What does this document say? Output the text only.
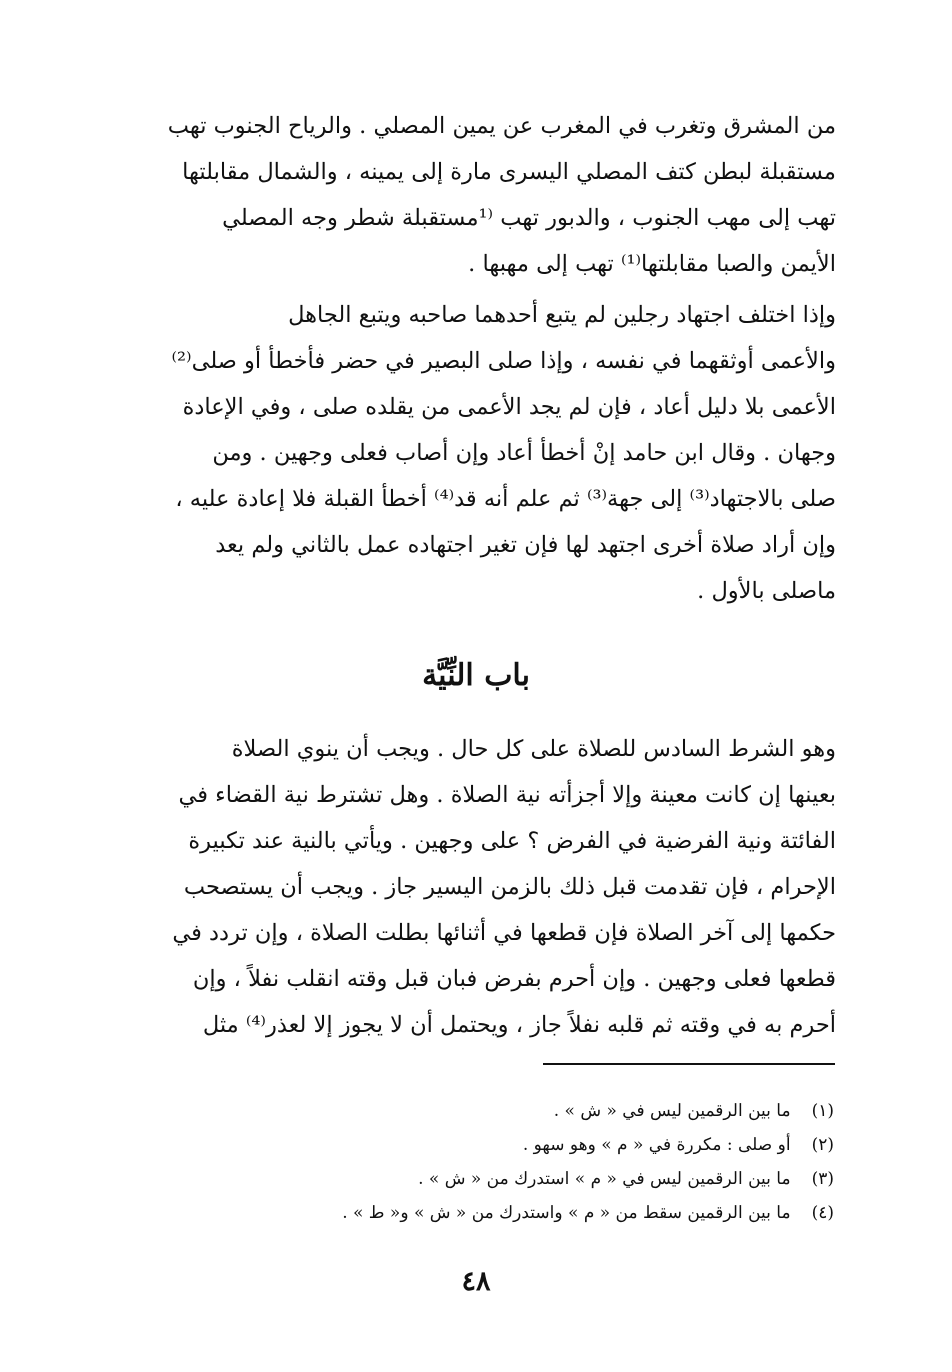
من المشرق وتغرب في المغرب عن يمين المصلي . والرياح الجنوب تهب
مستقبلة لبطن كتف المصلي اليسرى مارة إلى يمينه ، والشمال مقابلتها
تهب إلى مهب الجنوب ، والدبور تهب ⁽¹مستقبلة شطر وجه المصلي
الأيمن والصبا مقابلتها⁽¹⁾ تهب إلى مهبها .
وإذا اختلف اجتهاد رجلين لم يتبع أحدهما صاحبه ويتبع الجاهل
والأعمى أوثقهما في نفسه ، وإذا صلى البصير في حضر فأخطأ أو صلى⁽²⁾
الأعمى بلا دليل أعاد ، فإن لم يجد الأعمى من يقلده صلى ، وفي الإعادة
وجهان . وقال ابن حامد إنْ أخطأ أعاد وإن أصاب فعلى وجهين . ومن
صلى بالاجتهاد⁽³⁾ إلى جهة⁽³⁾ ثم علم أنه قد⁽⁴⁾ أخطأ القبلة فلا إعادة عليه ،
وإن أراد صلاة أخرى اجتهد لها فإن تغير اجتهاده عمل بالثاني ولم يعد
ماصلى بالأول .
باب النِّيَّة
وهو الشرط السادس للصلاة على كل حال . ويجب أن ينوي الصلاة
بعينها إن كانت معينة وإلا أجزأته نية الصلاة . وهل تشترط نية القضاء في
الفائتة ونية الفرضية في الفرض ؟ على وجهين . ويأتي بالنية عند تكبيرة
الإحرام ، فإن تقدمت قبل ذلك بالزمن اليسير جاز . ويجب أن يستصحب
حكمها إلى آخر الصلاة فإن قطعها في أثنائها بطلت الصلاة ، وإن تردد في
قطعها فعلى وجهين . وإن أحرم بفرض فبان قبل وقته انقلب نفلاً ، وإن
أحرم به في وقته ثم قلبه نفلاً جاز ، ويحتمل أن لا يجوز إلا لعذر⁽⁴⁾ مثل
(١) ما بين الرقمين ليس في « ش » .
(٢) أو صلى : مكررة في « م » وهو سهو .
(٣) ما بين الرقمين ليس في « م » استدرك من « ش » .
(٤) ما بين الرقمين سقط من « م » واستدرك من « ش » و« ط » .
٤٨
